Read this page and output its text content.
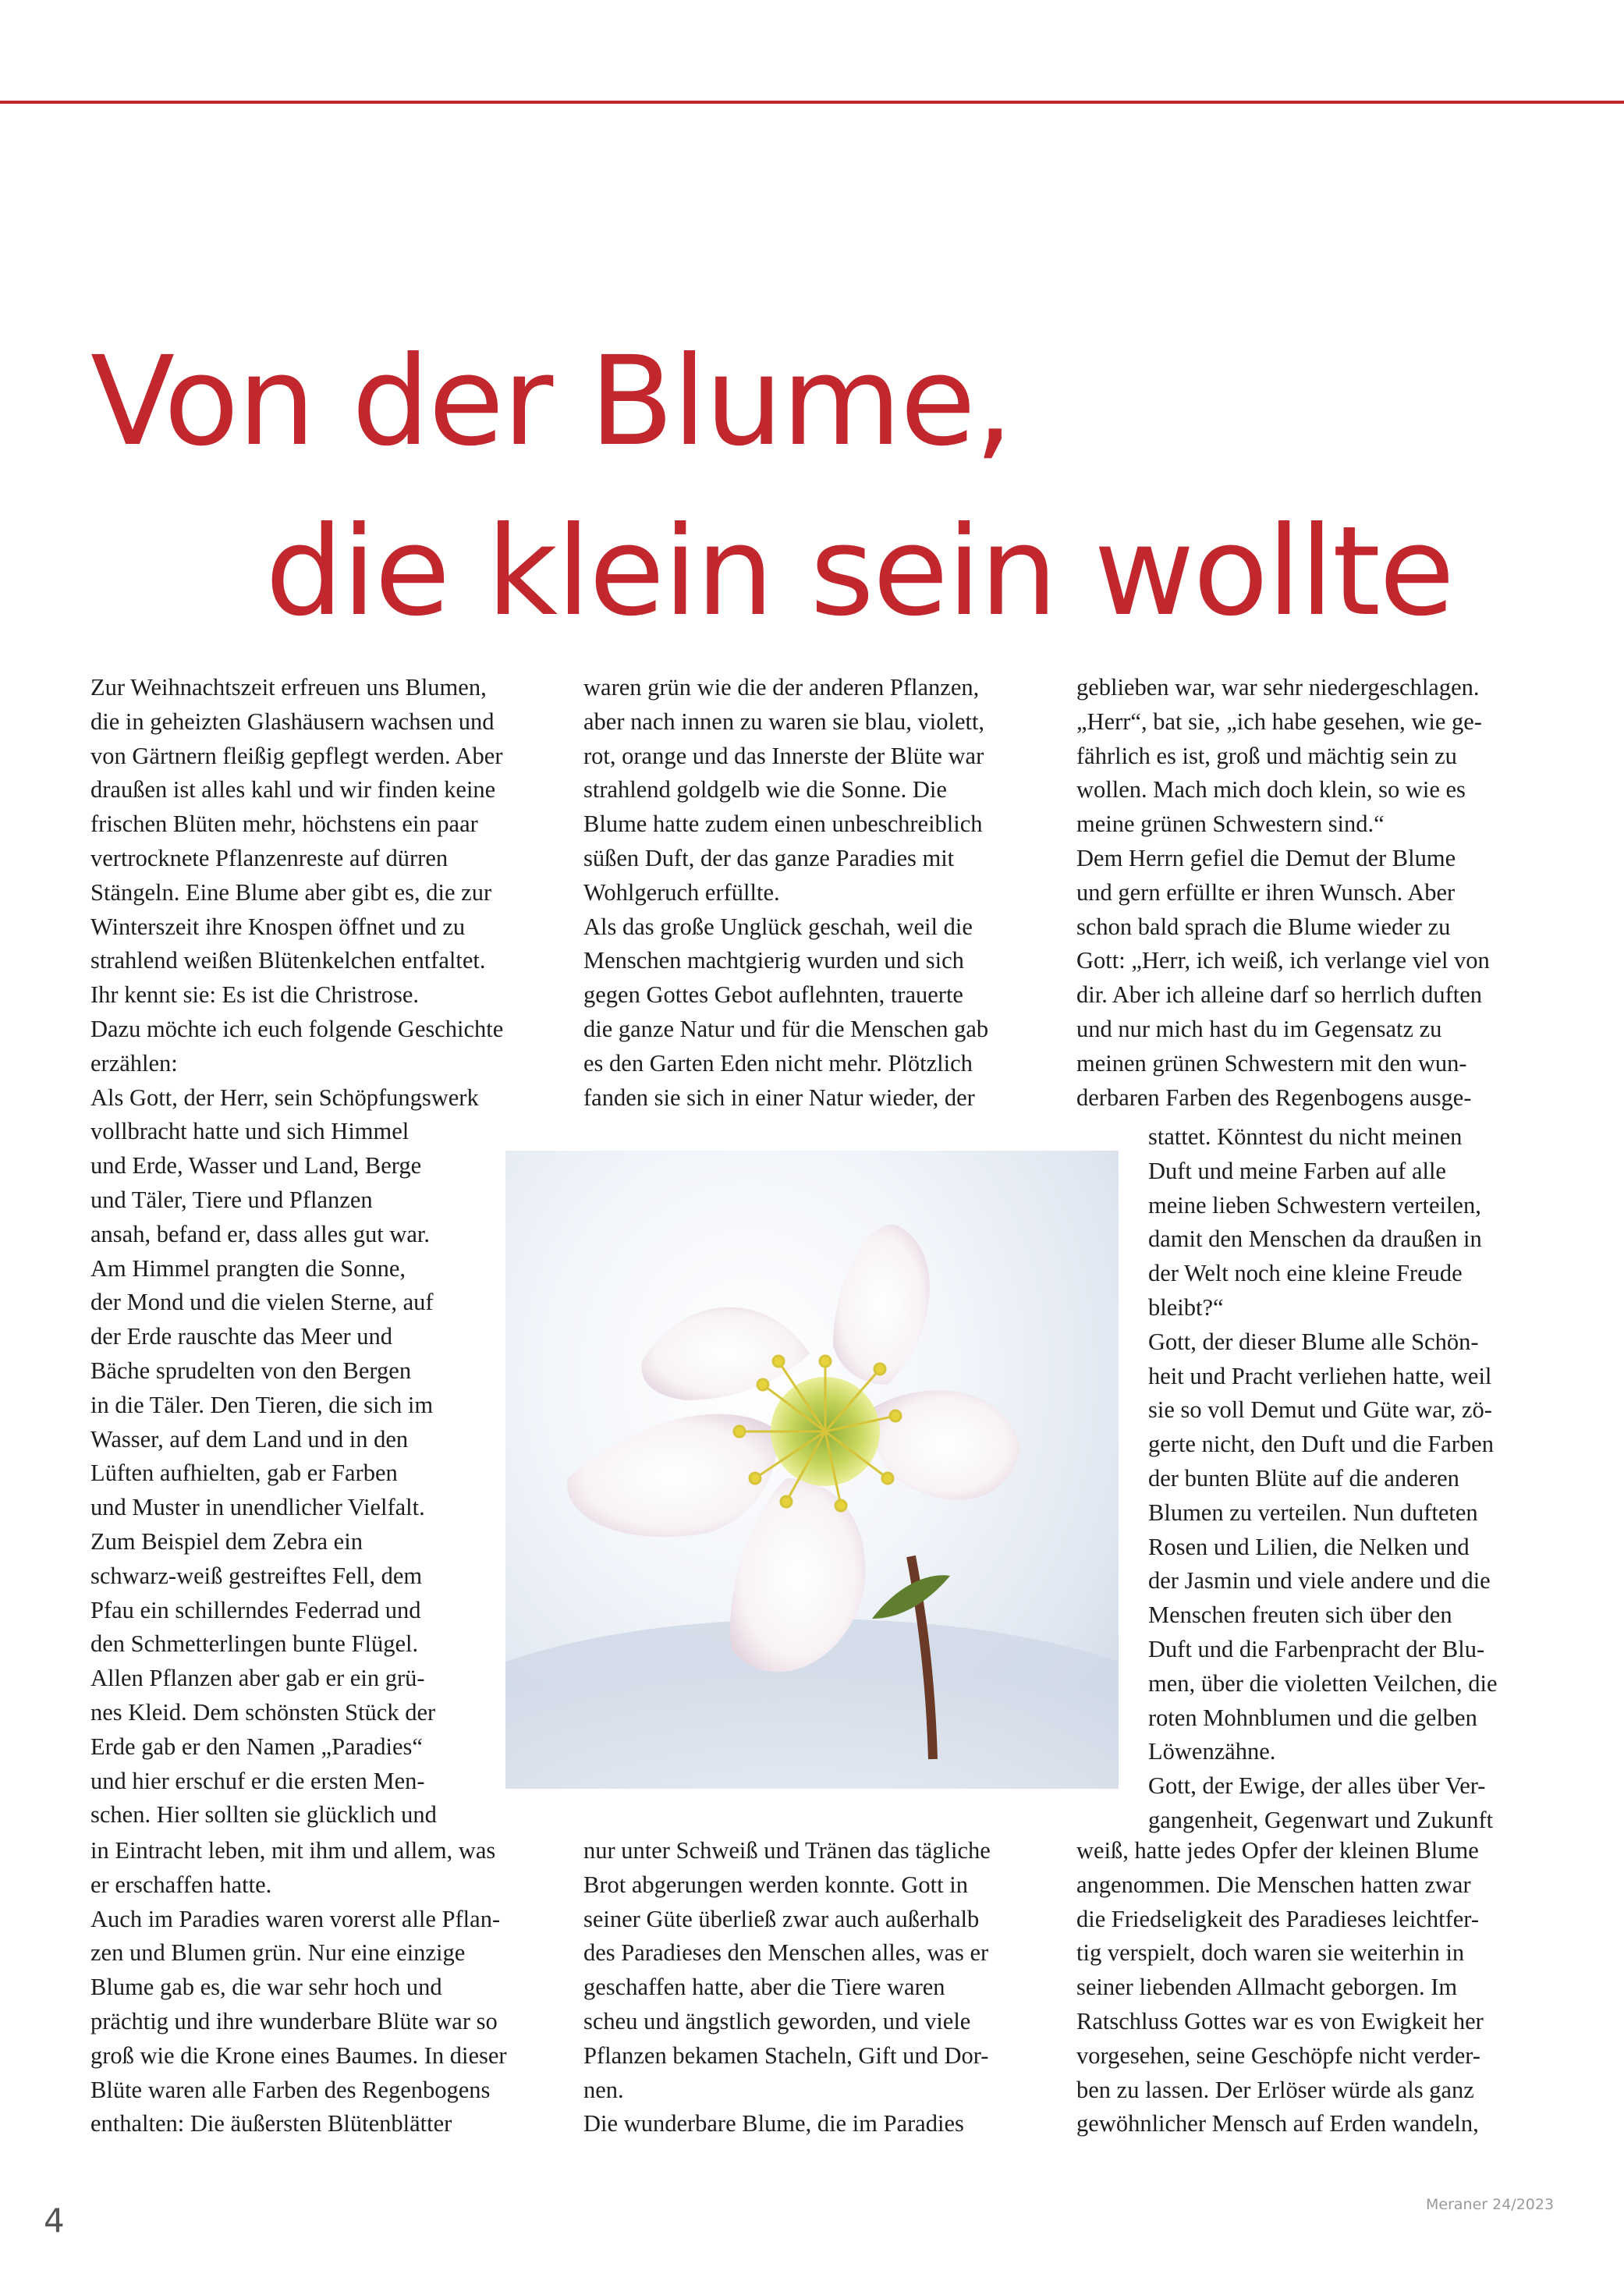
Von der Blume,
die klein sein wollte

Zur Weihnachtszeit erfreuen uns Blumen,

die in geheizten Glashäusern wachsen und

von Gärtnern fleißig gepflegt werden. Aber

draußen ist alles kahl und wir finden keine

frischen Blüten mehr, höchstens ein paar

vertrocknete Pflanzenreste auf dürren

Stängeln. Eine Blume aber gibt es, die zur

Winterszeit ihre Knospen öffnet und zu

strahlend weißen Blütenkelchen entfaltet.

Ihr kennt sie: Es ist die Christrose.

Dazu möchte ich euch folgende Geschichte

erzählen:

Als Gott, der Herr, sein Schöpfungswerk

vollbracht hatte und sich Himmel

und Erde, Wasser und Land, Berge

und Täler, Tiere und Pflanzen

ansah, befand er, dass alles gut war.

Am Himmel prangten die Sonne,

der Mond und die vielen Sterne, auf

der Erde rauschte das Meer und

Bäche sprudelten von den Bergen

in die Täler. Den Tieren, die sich im

Wasser, auf dem Land und in den

Lüften aufhielten, gab er Farben

und Muster in unendlicher Vielfalt.

Zum Beispiel dem Zebra ein

schwarz-weiß gestreiftes Fell, dem

Pfau ein schillerndes Federrad und

den Schmetterlingen bunte Flügel.

Allen Pflanzen aber gab er ein grü-

nes Kleid. Dem schönsten Stück der

Erde gab er den Namen „Paradies“

und hier erschuf er die ersten Men-

schen. Hier sollten sie glücklich und

in Eintracht leben, mit ihm und allem, was

er erschaffen hatte.

Auch im Paradies waren vorerst alle Pflan-

zen und Blumen grün. Nur eine einzige

Blume gab es, die war sehr hoch und

prächtig und ihre wunderbare Blüte war so

groß wie die Krone eines Baumes. In dieser

Blüte waren alle Farben des Regenbogens

enthalten: Die äußersten Blütenblätter

waren grün wie die der anderen Pflanzen,

aber nach innen zu waren sie blau, violett,

rot, orange und das Innerste der Blüte war

strahlend goldgelb wie die Sonne. Die

Blume hatte zudem einen unbeschreiblich

süßen Duft, der das ganze Paradies mit

Wohlgeruch erfüllte.

Als das große Unglück geschah, weil die

Menschen machtgierig wurden und sich

gegen Gottes Gebot auflehnten, trauerte

die ganze Natur und für die Menschen gab

es den Garten Eden nicht mehr. Plötzlich

fanden sie sich in einer Natur wieder, der

nur unter Schweiß und Tränen das tägliche

Brot abgerungen werden konnte. Gott in

seiner Güte überließ zwar auch außerhalb

des Paradieses den Menschen alles, was er

geschaffen hatte, aber die Tiere waren

scheu und ängstlich geworden, und viele

Pflanzen bekamen Stacheln, Gift und Dor-

nen.

Die wunderbare Blume, die im Paradies

geblieben war, war sehr niedergeschlagen.

„Herr“, bat sie, „ich habe gesehen, wie ge-

fährlich es ist, groß und mächtig sein zu

wollen. Mach mich doch klein, so wie es

meine grünen Schwestern sind.“

Dem Herrn gefiel die Demut der Blume

und gern erfüllte er ihren Wunsch. Aber

schon bald sprach die Blume wieder zu

Gott: „Herr, ich weiß, ich verlange viel von

dir. Aber ich alleine darf so herrlich duften

und nur mich hast du im Gegensatz zu

meinen grünen Schwestern mit den wun-

derbaren Farben des Regenbogens ausge-

stattet. Könntest du nicht meinen

Duft und meine Farben auf alle

meine lieben Schwestern verteilen,

damit den Menschen da draußen in

der Welt noch eine kleine Freude

bleibt?“

Gott, der dieser Blume alle Schön-

heit und Pracht verliehen hatte, weil

sie so voll Demut und Güte war, zö-

gerte nicht, den Duft und die Farben

der bunten Blüte auf die anderen

Blumen zu verteilen. Nun dufteten

Rosen und Lilien, die Nelken und

der Jasmin und viele andere und die

Menschen freuten sich über den

Duft und die Farbenpracht der Blu-

men, über die violetten Veilchen, die

roten Mohnblumen und die gelben

Löwenzähne.

Gott, der Ewige, der alles über Ver-

gangenheit, Gegenwart und Zukunft

weiß, hatte jedes Opfer der kleinen Blume

angenommen. Die Menschen hatten zwar

die Friedseligkeit des Paradieses leichtfer-

tig verspielt, doch waren sie weiterhin in

seiner liebenden Allmacht geborgen. Im

Ratschluss Gottes war es von Ewigkeit her

vorgesehen, seine Geschöpfe nicht verder-

ben zu lassen. Der Erlöser würde als ganz

gewöhnlicher Mensch auf Erden wandeln,

4	Meraner 24/2023
